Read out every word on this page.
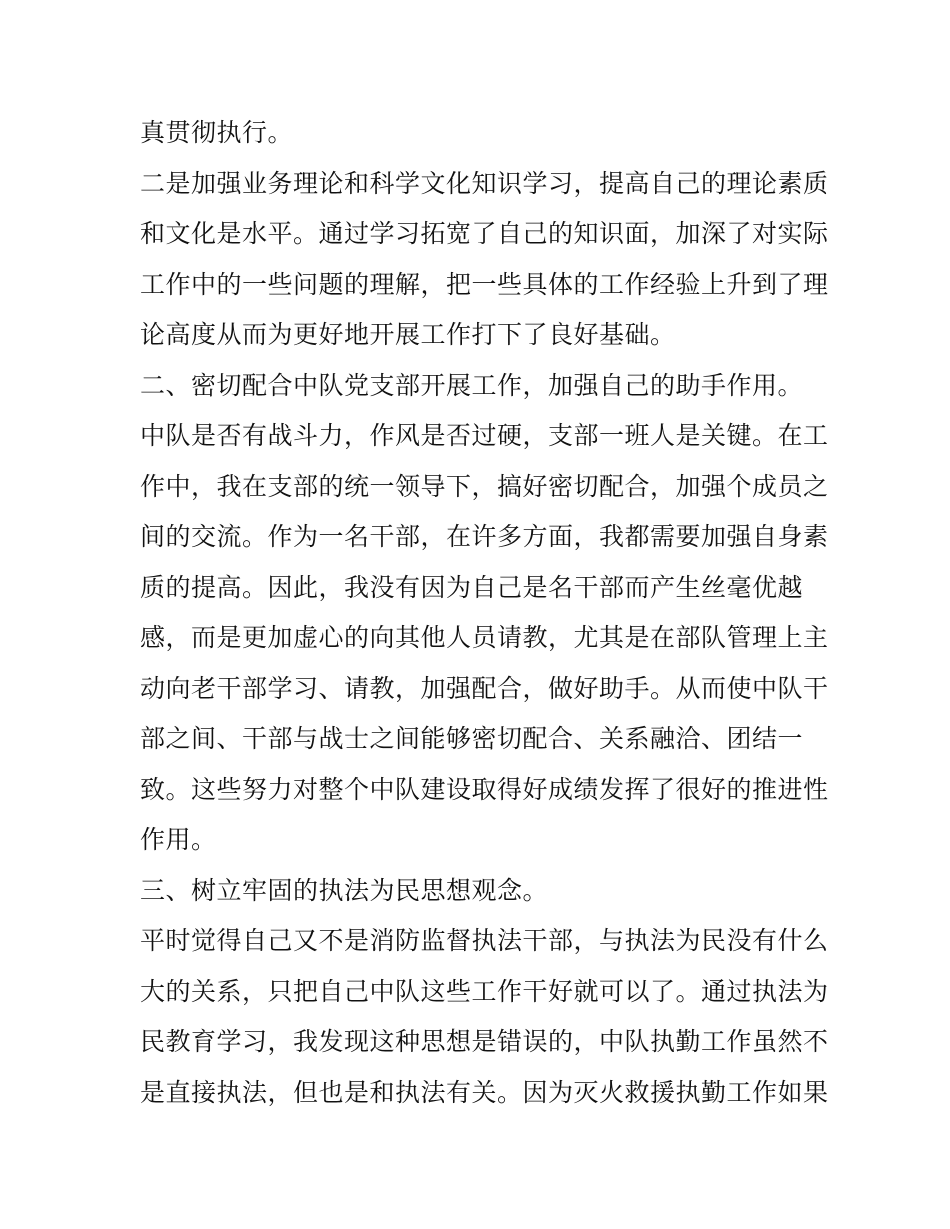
真贯彻执行。
二是加强业务理论和科学文化知识学习，提高自己的理论素质
和文化是水平。通过学习拓宽了自己的知识面，加深了对实际
工作中的一些问题的理解，把一些具体的工作经验上升到了理
论高度从而为更好地开展工作打下了良好基础。
二、密切配合中队党支部开展工作，加强自己的助手作用。
中队是否有战斗力，作风是否过硬，支部一班人是关键。在工
作中，我在支部的统一领导下，搞好密切配合，加强个成员之
间的交流。作为一名干部，在许多方面，我都需要加强自身素
质的提高。因此，我没有因为自己是名干部而产生丝毫优越
感，而是更加虚心的向其他人员请教，尤其是在部队管理上主
动向老干部学习、请教，加强配合，做好助手。从而使中队干
部之间、干部与战士之间能够密切配合、关系融洽、团结一
致。这些努力对整个中队建设取得好成绩发挥了很好的推进性
作用。
三、树立牢固的执法为民思想观念。
平时觉得自己又不是消防监督执法干部，与执法为民没有什么
大的关系，只把自己中队这些工作干好就可以了。通过执法为
民教育学习，我发现这种思想是错误的，中队执勤工作虽然不
是直接执法，但也是和执法有关。因为灭火救援执勤工作如果
